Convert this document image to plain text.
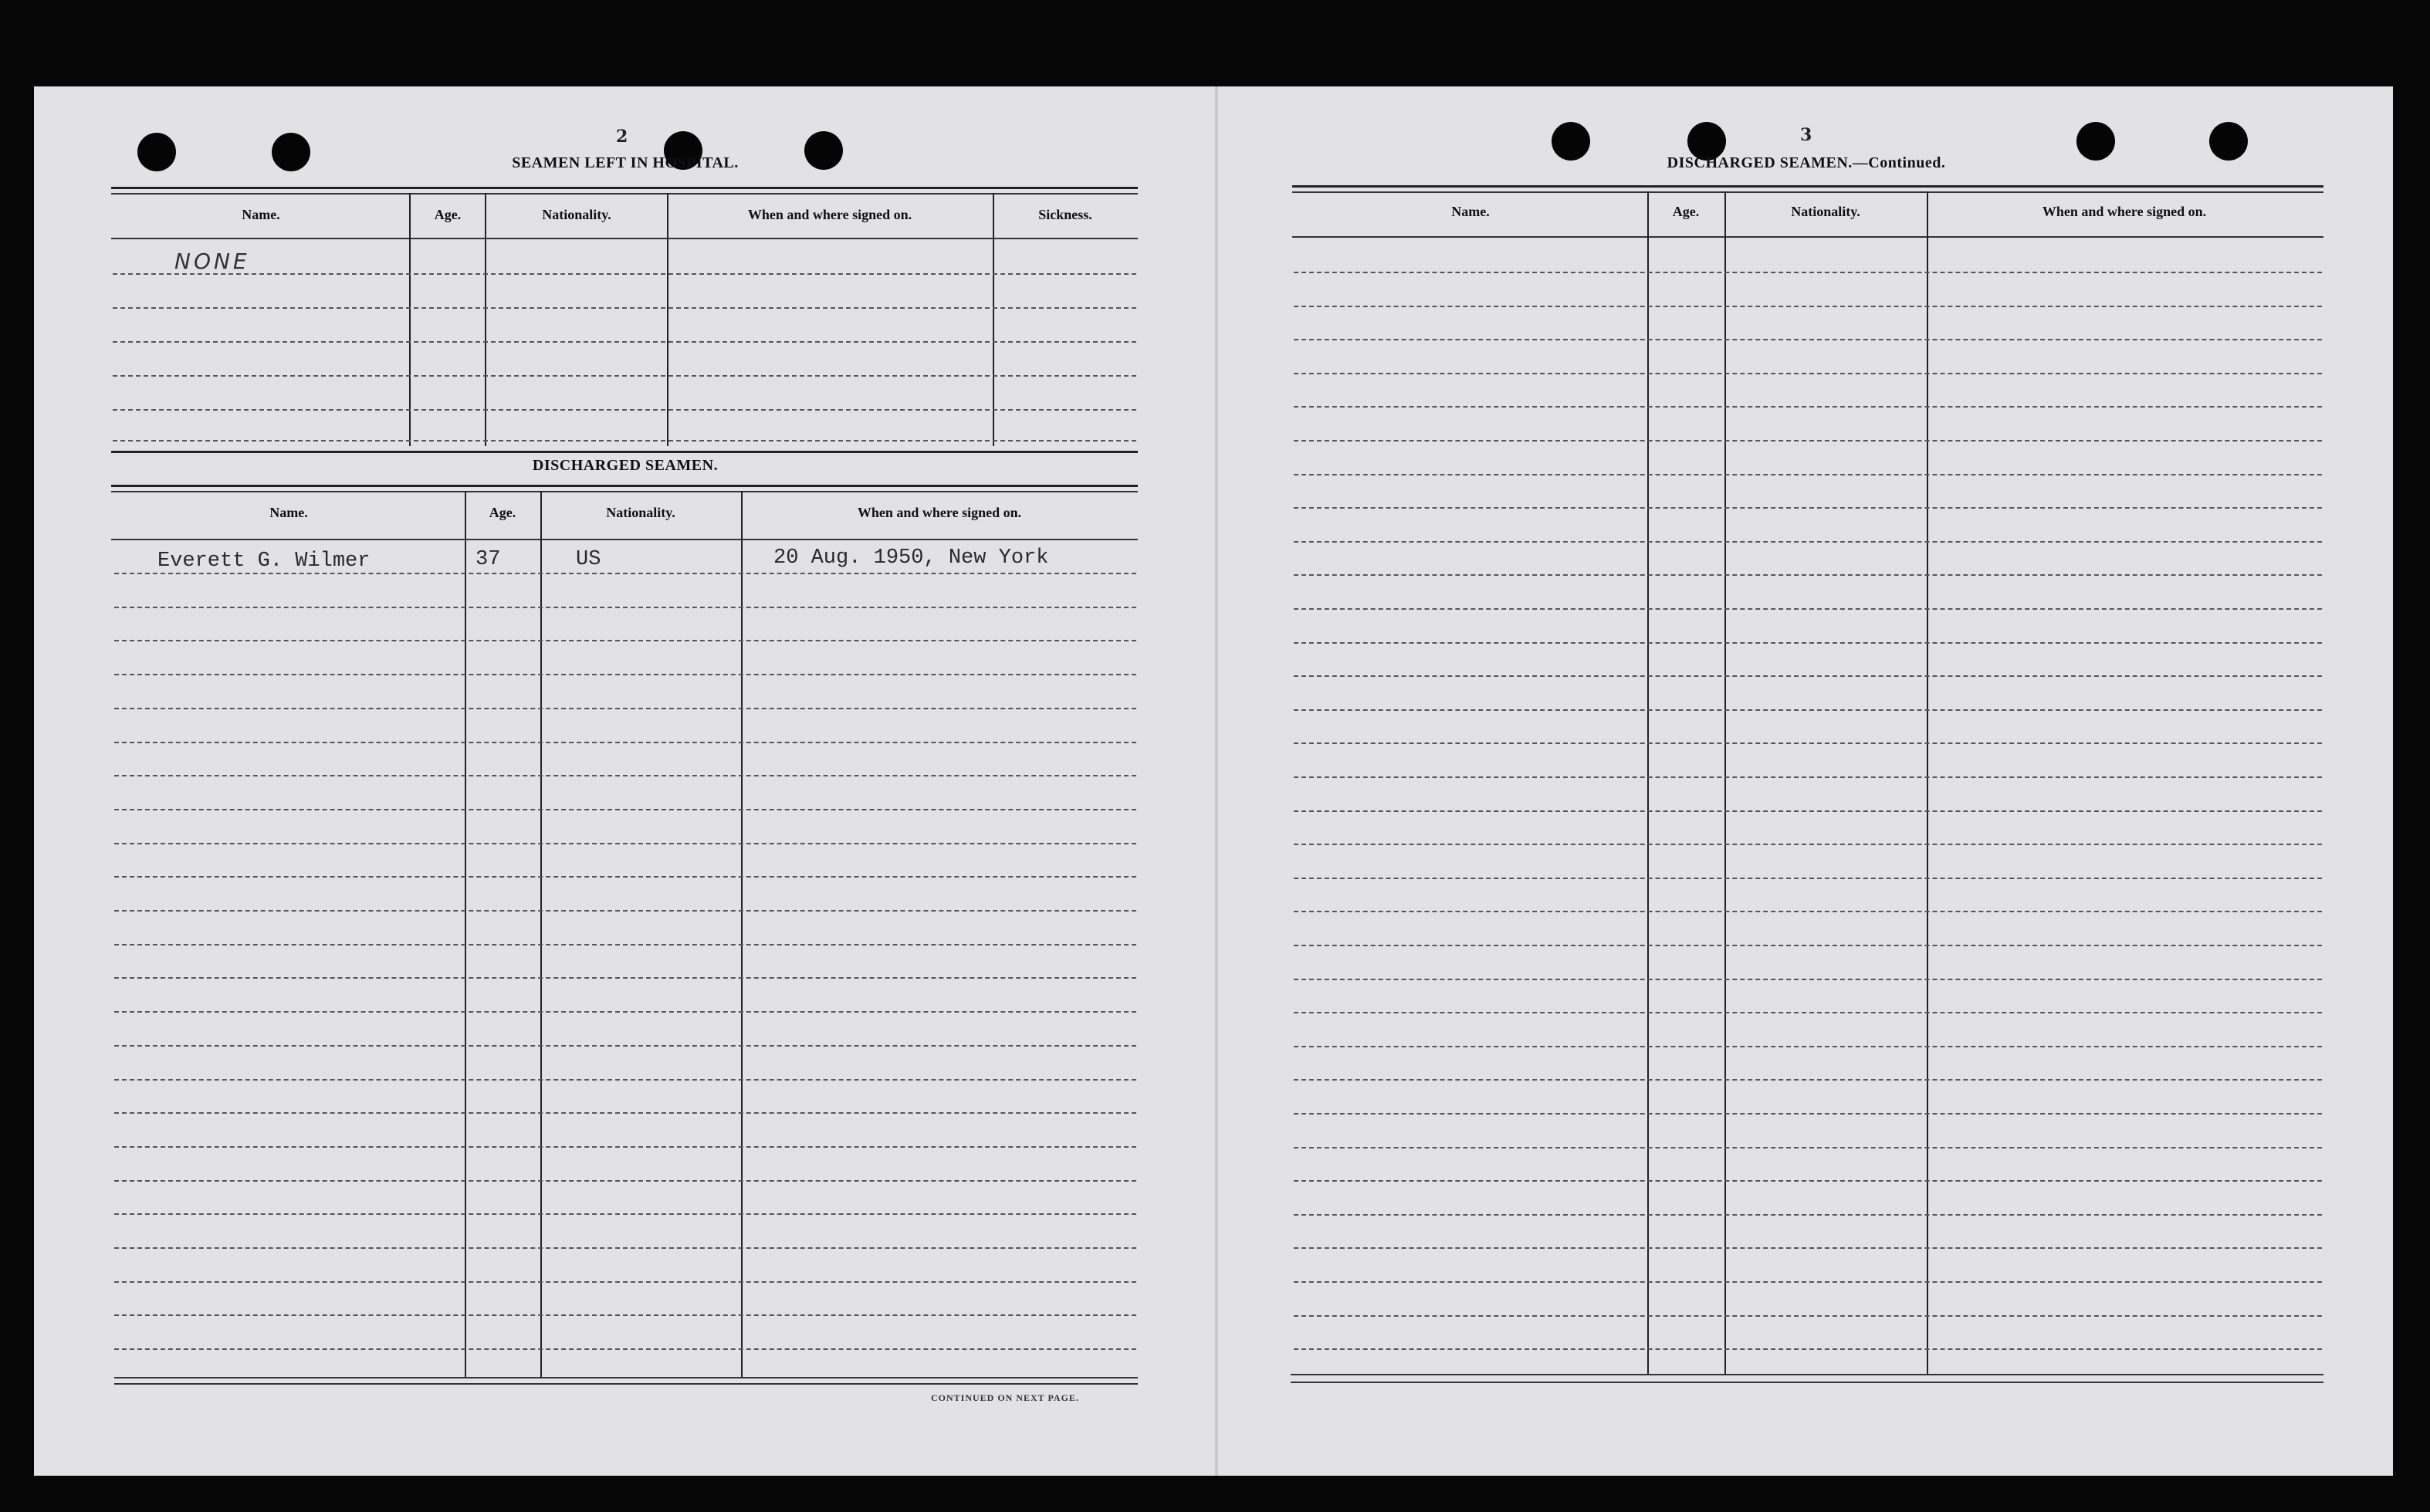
2
SEAMEN LEFT IN HOSPITAL.
Name.	Age.	Nationality.	When and where signed on.	Sickness.
NONE
DISCHARGED SEAMEN.
Name.	Age.	Nationality.	When and where signed on.
Everett G. Wilmer	37	US	20 Aug. 1950, New York
CONTINUED ON NEXT PAGE.
3
DISCHARGED SEAMEN.—Continued.
Name.	Age.	Nationality.	When and where signed on.
